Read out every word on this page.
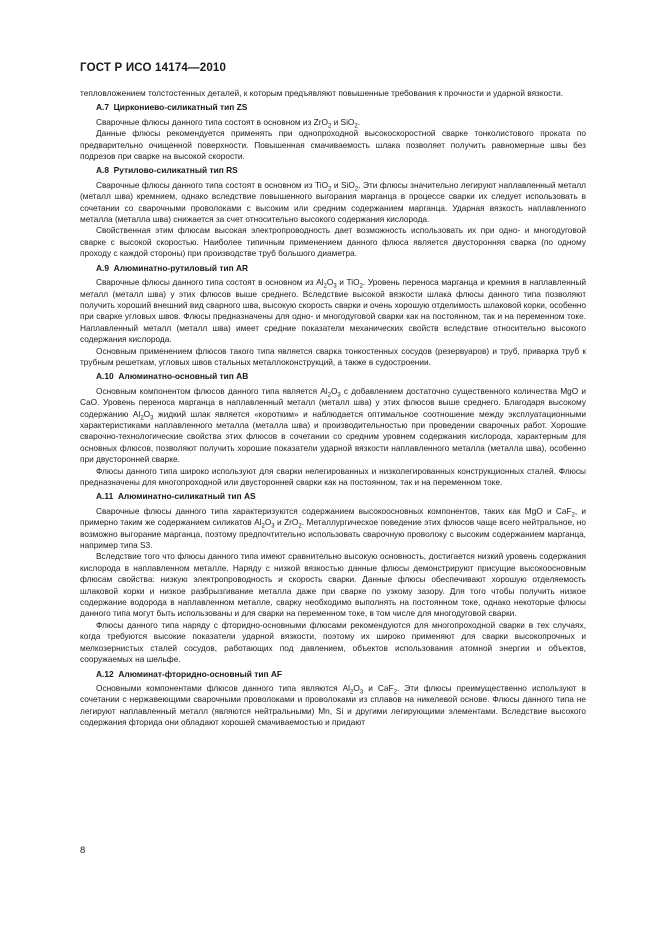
ГОСТ Р ИСО 14174—2010

тепловложением толстостенных деталей, к которым предъявляют повышенные требования к прочности и ударной вязкости.

А.7  Циркониево-силикатный тип ZS

Сварочные флюсы данного типа состоят в основном из ZrO$_2$ и SiO$_2$.

Данные флюсы рекомендуется применять при однопроходной высокоскоростной сварке тонколистового проката по предварительно очищенной поверхности. Повышенная смачиваемость шлака позволяет получить равномерные швы без подрезов при сварке на высокой скорости.

А.8  Рутилово-силикатный тип RS

Сварочные флюсы данного типа состоят в основном из TiO$_2$ и SiO$_2$. Эти флюсы значительно легируют наплавленный металл (металл шва) кремнием, однако вследствие повышенного выгорания марганца в процессе сварки их следует использовать в сочетании со сварочными проволоками с высоким или средним содержанием марганца. Ударная вязкость наплавленного металла (металла шва) снижается за счет относительно высокого содержания кислорода.

Свойственная этим флюсам высокая электропроводность дает возможность использовать их при одно- и многодуговой сварке с высокой скоростью. Наиболее типичным применением данного флюса является двусторонняя сварка (по одному проходу с каждой стороны) при производстве труб большого диаметра.

А.9  Алюминатно-рутиловый тип AR

Сварочные флюсы данного типа состоят в основном из $Al_2O_3$ и TiO$_2$. Уровень переноса марганца и кремния в наплавленный металл (металл шва) у этих флюсов выше среднего. Вследствие высокой вязкости шлака флюсы данного типа позволяют получить хороший внешний вид сварного шва, высокую скорость сварки и очень хорошую отделимость шлаковой корки, особенно при сварке угловых швов. Флюсы предназначены для одно- и многодуговой сварки как на постоянном, так и на переменном токе. Наплавленный металл (металл шва) имеет средние показатели механических свойств вследствие относительно высокого содержания кислорода.

Основным применением флюсов такого типа является сварка тонкостенных сосудов (резервуаров) и труб, приварка труб к трубным решеткам, угловых швов стальных металлоконструкций, а также в судостроении.

А.10  Алюминатно-основный тип AB

Основным компонентом флюсов данного типа является $Al_2O_3$ с добавлением достаточно существенного количества MgO и CaO. Уровень переноса марганца в наплавленный металл (металл шва) у этих флюсов выше среднего. Благодаря высокому содержанию $Al_2O_3$ жидкий шлак является «коротким» и наблюдается оптимальное соотношение между эксплуатационными характеристиками наплавленного металла (металла шва) и производительностью при проведении сварочных работ. Хорошие сварочно-технологические свойства этих флюсов в сочетании со средним уровнем содержания кислорода, характерным для основных флюсов, позволяют получить хорошие показатели ударной вязкости наплавленного металла (металла шва), особенно при двусторонней сварке.

Флюсы данного типа широко используют для сварки нелегированных и низколегированных конструкционных сталей. Флюсы предназначены для многопроходной или двусторонней сварки как на постоянном, так и на переменном токе.

А.11  Алюминатно-силикатный тип AS

Сварочные флюсы данного типа характеризуются содержанием высокоосновных компонентов, таких как MgO и CaF$_2$, и примерно таким же содержанием силикатов $Al_2O_3$ и ZrO$_2$. Металлургическое поведение этих флюсов чаще всего нейтральное, но возможно выгорание марганца, поэтому предпочтительно использовать сварочную проволоку с высоким содержанием марганца, например типа S3.

Вследствие того что флюсы данного типа имеют сравнительно высокую основность, достигается низкий уровень содержания кислорода в наплавленном металле. Наряду с низкой вязкостью данные флюсы демонстрируют присущие высокоосновным флюсам свойства: низкую электропроводность и скорость сварки. Данные флюсы обеспечивают хорошую отделяемость шлаковой корки и низкое разбрызгивание металла даже при сварке по узкому зазору. Для того чтобы получить низкое содержание водорода в наплавленном металле, сварку необходимо выполнять на постоянном токе, однако некоторые флюсы данного типа могут быть использованы и для сварки на переменном токе, в том числе для многодуговой сварки.

Флюсы данного типа наряду с фторидно-основными флюсами рекомендуются для многопроходной сварки в тех случаях, когда требуются высокие показатели ударной вязкости, поэтому их широко применяют для сварки высокопрочных и мелкозернистых сталей сосудов, работающих под давлением, объектов использования атомной энергии и объектов, сооружаемых на шельфе.

А.12  Алюминат-фторидно-основный тип AF

Основными компонентами флюсов данного типа являются $Al_2O_3$ и CaF$_2$. Эти флюсы преимущественно используют в сочетании с нержавеющими сварочными проволоками и проволоками из сплавов на никелевой основе. Флюсы данного типа не легируют наплавленный металл (являются нейтральными) Mn, Si и другими легирующими элементами. Вследствие высокого содержания фторида они обладают хорошей смачиваемостью и придают

8
